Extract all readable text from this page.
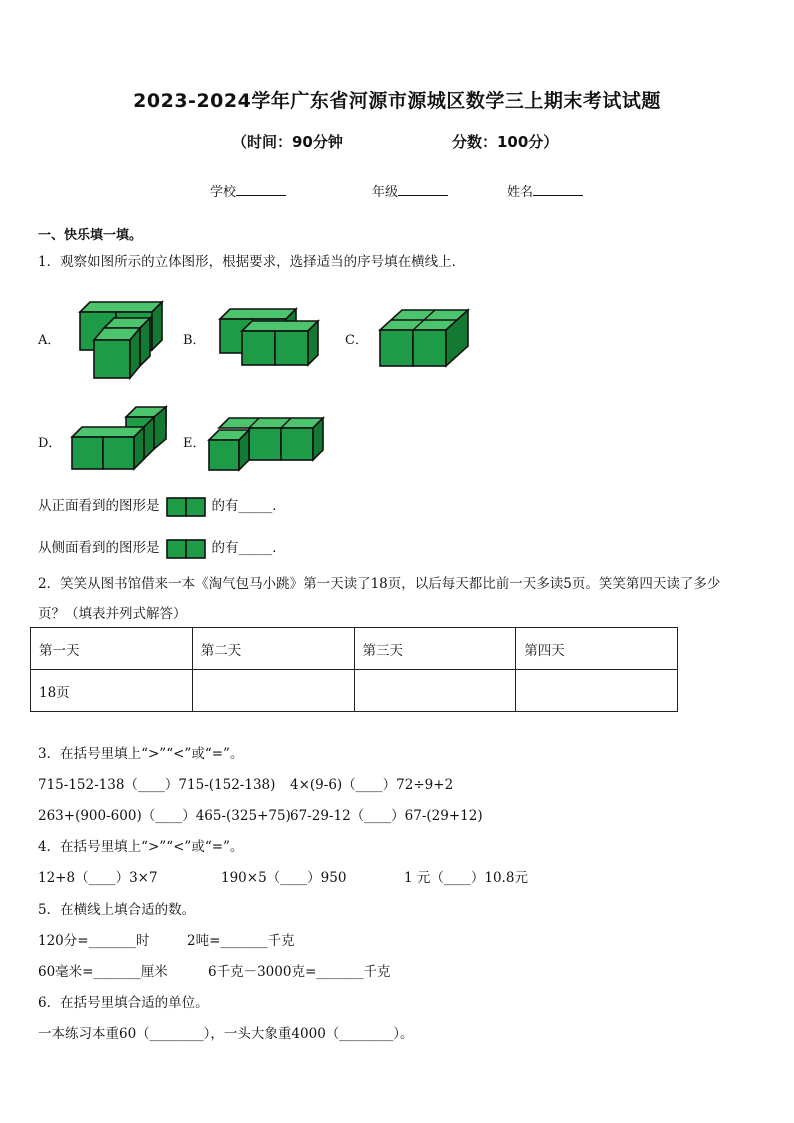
2023-2024学年广东省河源市源城区数学三上期末考试试题
（时间：90分钟	分数：100分）
学校	年级	姓名
一、快乐填一填。
1．观察如图所示的立体图形，根据要求，选择适当的序号填在横线上．
A．	B．	C．
D．	E．
从正面看到的图形是	的有_____．
从侧面看到的图形是	的有_____．
2．笑笑从图书馆借来一本《淘气包马小跳》第一天读了18页，以后每天都比前一天多读5页。笑笑第四天读了多少
页？（填表并列式解答）
第一天	第二天	第三天	第四天
18页			
3．在括号里填上“>”“<”或“=”。
715-152-138（____）715-(152-138) 4×(9-6)（____）72÷9+2
263+(900-600)（____）465-(325+75) 67-29-12（____）67-(29+12)
4．在括号里填上“>”“<”或“=”。
12+8（____）3×7	190×5（____）950	1 元（____）10.8元
5．在横线上填合适的数。
120分=_______时	2吨=_______千克
60毫米=_______厘米	6千克－3000克=_______千克
6．在括号里填合适的单位。
一本练习本重60（________），一头大象重4000（________）。
